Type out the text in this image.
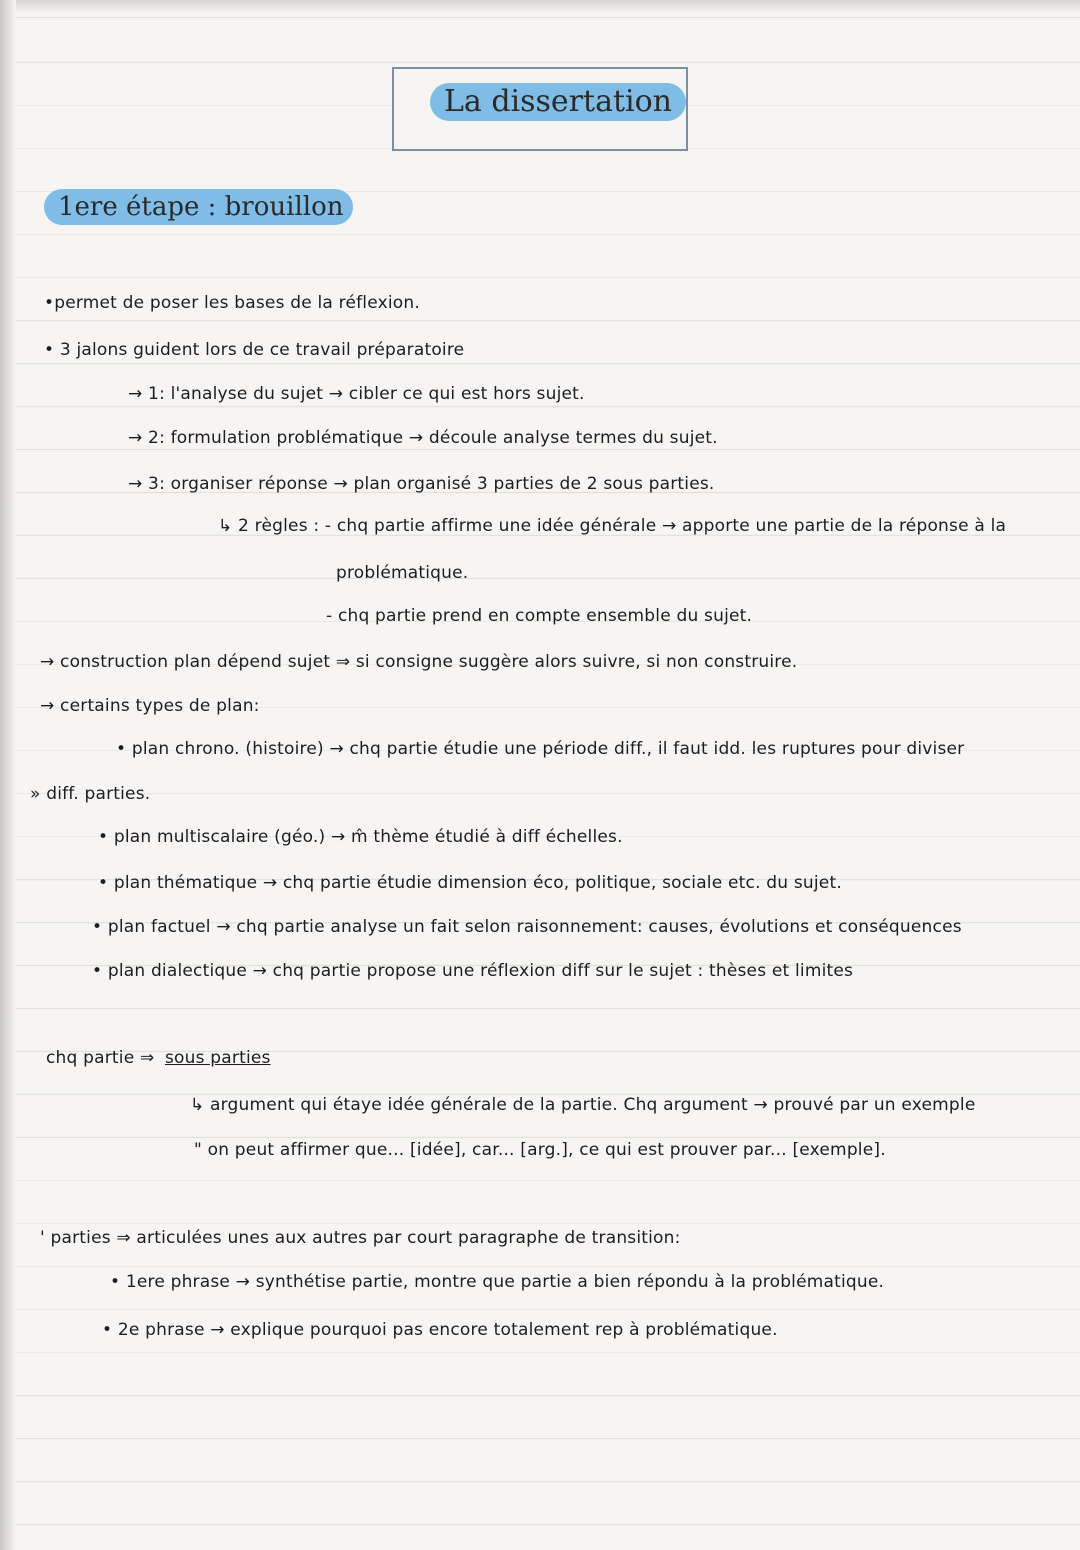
La dissertation
1ere étape : brouillon
•permet de poser les bases de la réflexion.
• 3 jalons guident lors de ce travail préparatoire
→ 1: l'analyse du sujet → cibler ce qui est hors sujet.
→ 2: formulation problématique → découle analyse termes du sujet.
→ 3: organiser réponse → plan organisé 3 parties de 2 sous parties.
↳ 2 règles : - chq partie affirme une idée générale → apporte une partie de la réponse à la
problématique.
- chq partie prend en compte ensemble du sujet.
→ construction plan dépend sujet ⇒ si consigne suggère alors suivre, si non construire.
→ certains types de plan:
• plan chrono. (histoire) → chq partie étudie une période diff., il faut idd. les ruptures pour diviser
» diff. parties.
• plan multiscalaire (géo.) → m̂ thème étudié à diff échelles.
• plan thématique → chq partie étudie dimension éco, politique, sociale etc. du sujet.
• plan factuel → chq partie analyse un fait selon raisonnement: causes, évolutions et conséquences
• plan dialectique → chq partie propose une réflexion diff sur le sujet : thèses et limites
chq partie ⇒ sous parties
↳ argument qui étaye idée générale de la partie. Chq argument → prouvé par un exemple
" on peut affirmer que... [idée], car... [arg.], ce qui est prouver par... [exemple].
' parties ⇒ articulées unes aux autres par court paragraphe de transition:
• 1ere phrase → synthétise partie, montre que partie a bien répondu à la problématique.
• 2e phrase → explique pourquoi pas encore totalement rep à problématique.
